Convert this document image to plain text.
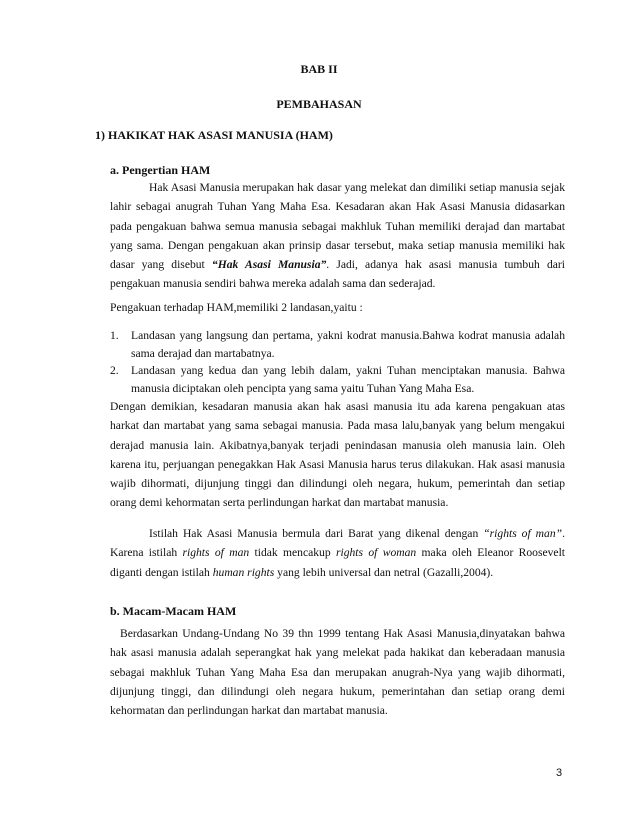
BAB II
PEMBAHASAN
1) HAKIKAT HAK ASASI MANUSIA (HAM)
a. Pengertian HAM

Hak Asasi Manusia merupakan hak dasar yang melekat dan dimiliki setiap manusia sejak lahir sebagai anugrah Tuhan Yang Maha Esa. Kesadaran akan Hak Asasi Manusia didasarkan pada pengakuan bahwa semua manusia sebagai makhluk Tuhan memiliki derajad dan martabat yang sama. Dengan pengakuan akan prinsip dasar tersebut, maka setiap manusia memiliki hak dasar yang disebut “Hak Asasi Manusia”. Jadi, adanya hak asasi manusia tumbuh dari pengakuan manusia sendiri bahwa mereka adalah sama dan sederajad.

Pengakuan terhadap HAM,memiliki 2 landasan,yaitu :

1. Landasan yang langsung dan pertama, yakni kodrat manusia.Bahwa kodrat manusia adalah sama derajad dan martabatnya.
2. Landasan yang kedua dan yang lebih dalam, yakni Tuhan menciptakan manusia. Bahwa manusia diciptakan oleh pencipta yang sama yaitu Tuhan Yang Maha Esa.

Dengan demikian, kesadaran manusia akan hak asasi manusia itu ada karena pengakuan atas harkat dan martabat yang sama sebagai manusia. Pada masa lalu,banyak yang belum mengakui derajad manusia lain. Akibatnya,banyak terjadi penindasan manusia oleh manusia lain. Oleh karena itu, perjuangan penegakkan Hak Asasi Manusia harus terus dilakukan. Hak asasi manusia wajib dihormati, dijunjung tinggi dan dilindungi oleh negara, hukum, pemerintah dan setiap orang demi kehormatan serta perlindungan harkat dan martabat manusia.

Istilah Hak Asasi Manusia bermula dari Barat yang dikenal dengan “rights of man”. Karena istilah rights of man tidak mencakup rights of woman maka oleh Eleanor Roosevelt diganti dengan istilah human rights yang lebih universal dan netral (Gazalli,2004).

b. Macam-Macam HAM

Berdasarkan Undang-Undang No 39 thn 1999 tentang Hak Asasi Manusia,dinyatakan bahwa hak asasi manusia adalah seperangkat hak yang melekat pada hakikat dan keberadaan manusia sebagai makhluk Tuhan Yang Maha Esa dan merupakan anugrah-Nya yang wajib dihormati, dijunjung tinggi, dan dilindungi oleh negara hukum, pemerintahan dan setiap orang demi kehormatan dan perlindungan harkat dan martabat manusia.

3
